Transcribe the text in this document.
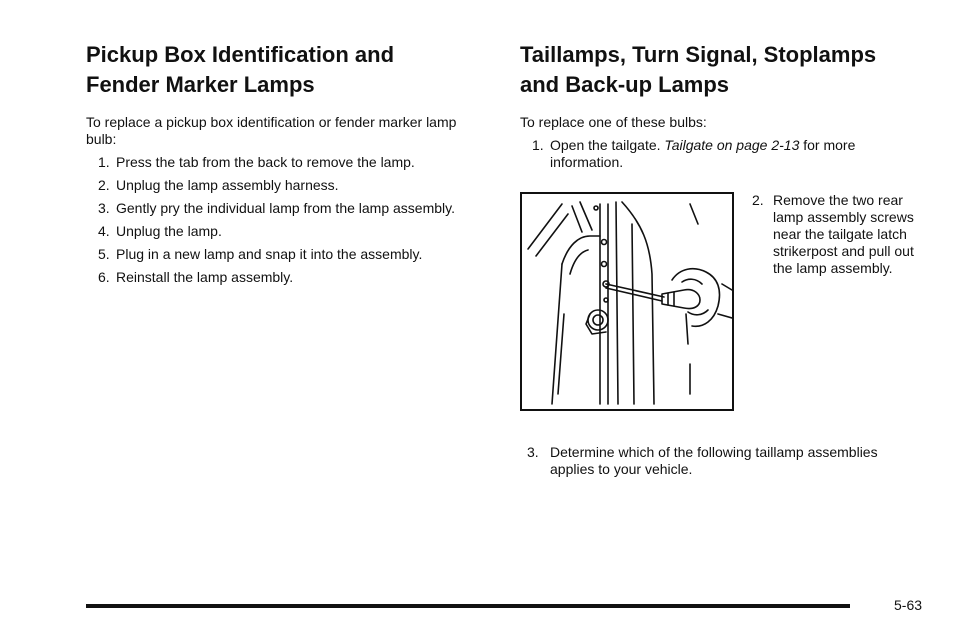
Pickup Box Identification and
Fender Marker Lamps

To replace a pickup box identification or fender marker lamp bulb:

1. Press the tab from the back to remove the lamp.
2. Unplug the lamp assembly harness.
3. Gently pry the individual lamp from the lamp assembly.
4. Unplug the lamp.
5. Plug in a new lamp and snap it into the assembly.
6. Reinstall the lamp assembly.
Taillamps, Turn Signal, Stoplamps
and Back-up Lamps

To replace one of these bulbs:

1. Open the tailgate. Tailgate on page 2-13 for more information.
2. Remove the two rear lamp assembly screws near the tailgate latch strikerpost and pull out the lamp assembly.
3. Determine which of the following taillamp assemblies applies to your vehicle.
5-63
